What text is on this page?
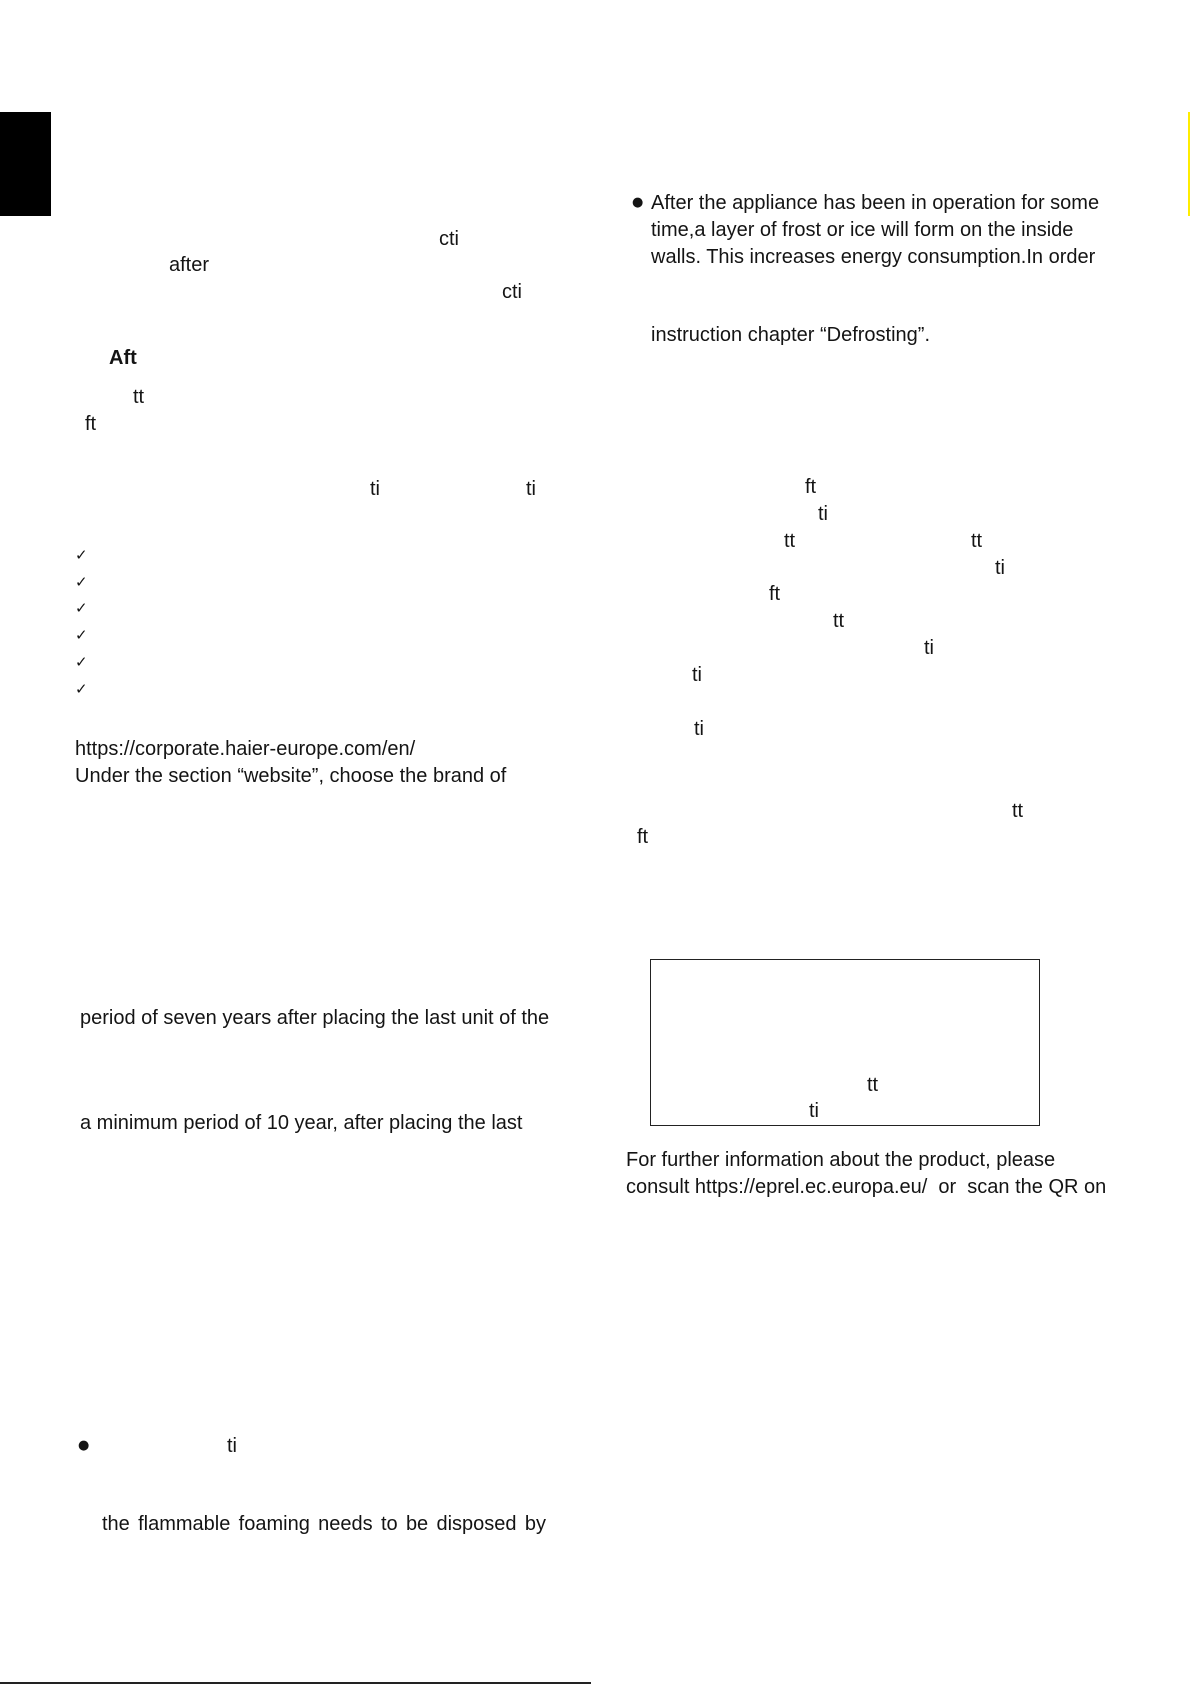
cti
after
cti
Aft
tt
ft
ti	ti
✓
✓
✓
✓
✓
✓
https://corporate.haier-europe.com/en/
Under the section “website”, choose the brand of
period of seven years after placing the last unit of the
a minimum period of 10 year, after placing the last
●	ti
the flammable foaming needs to be disposed by
● After the appliance has been in operation for some
time,a layer of frost or ice will form on the inside
walls. This increases energy consumption.In order
instruction chapter “Defrosting”.
ft
ti
tt	tt
ti
ft
tt
ti
ti
ti
tt
ft
tt
ti
For further information about the product, please
consult https://eprel.ec.europa.eu/  or  scan the QR on
